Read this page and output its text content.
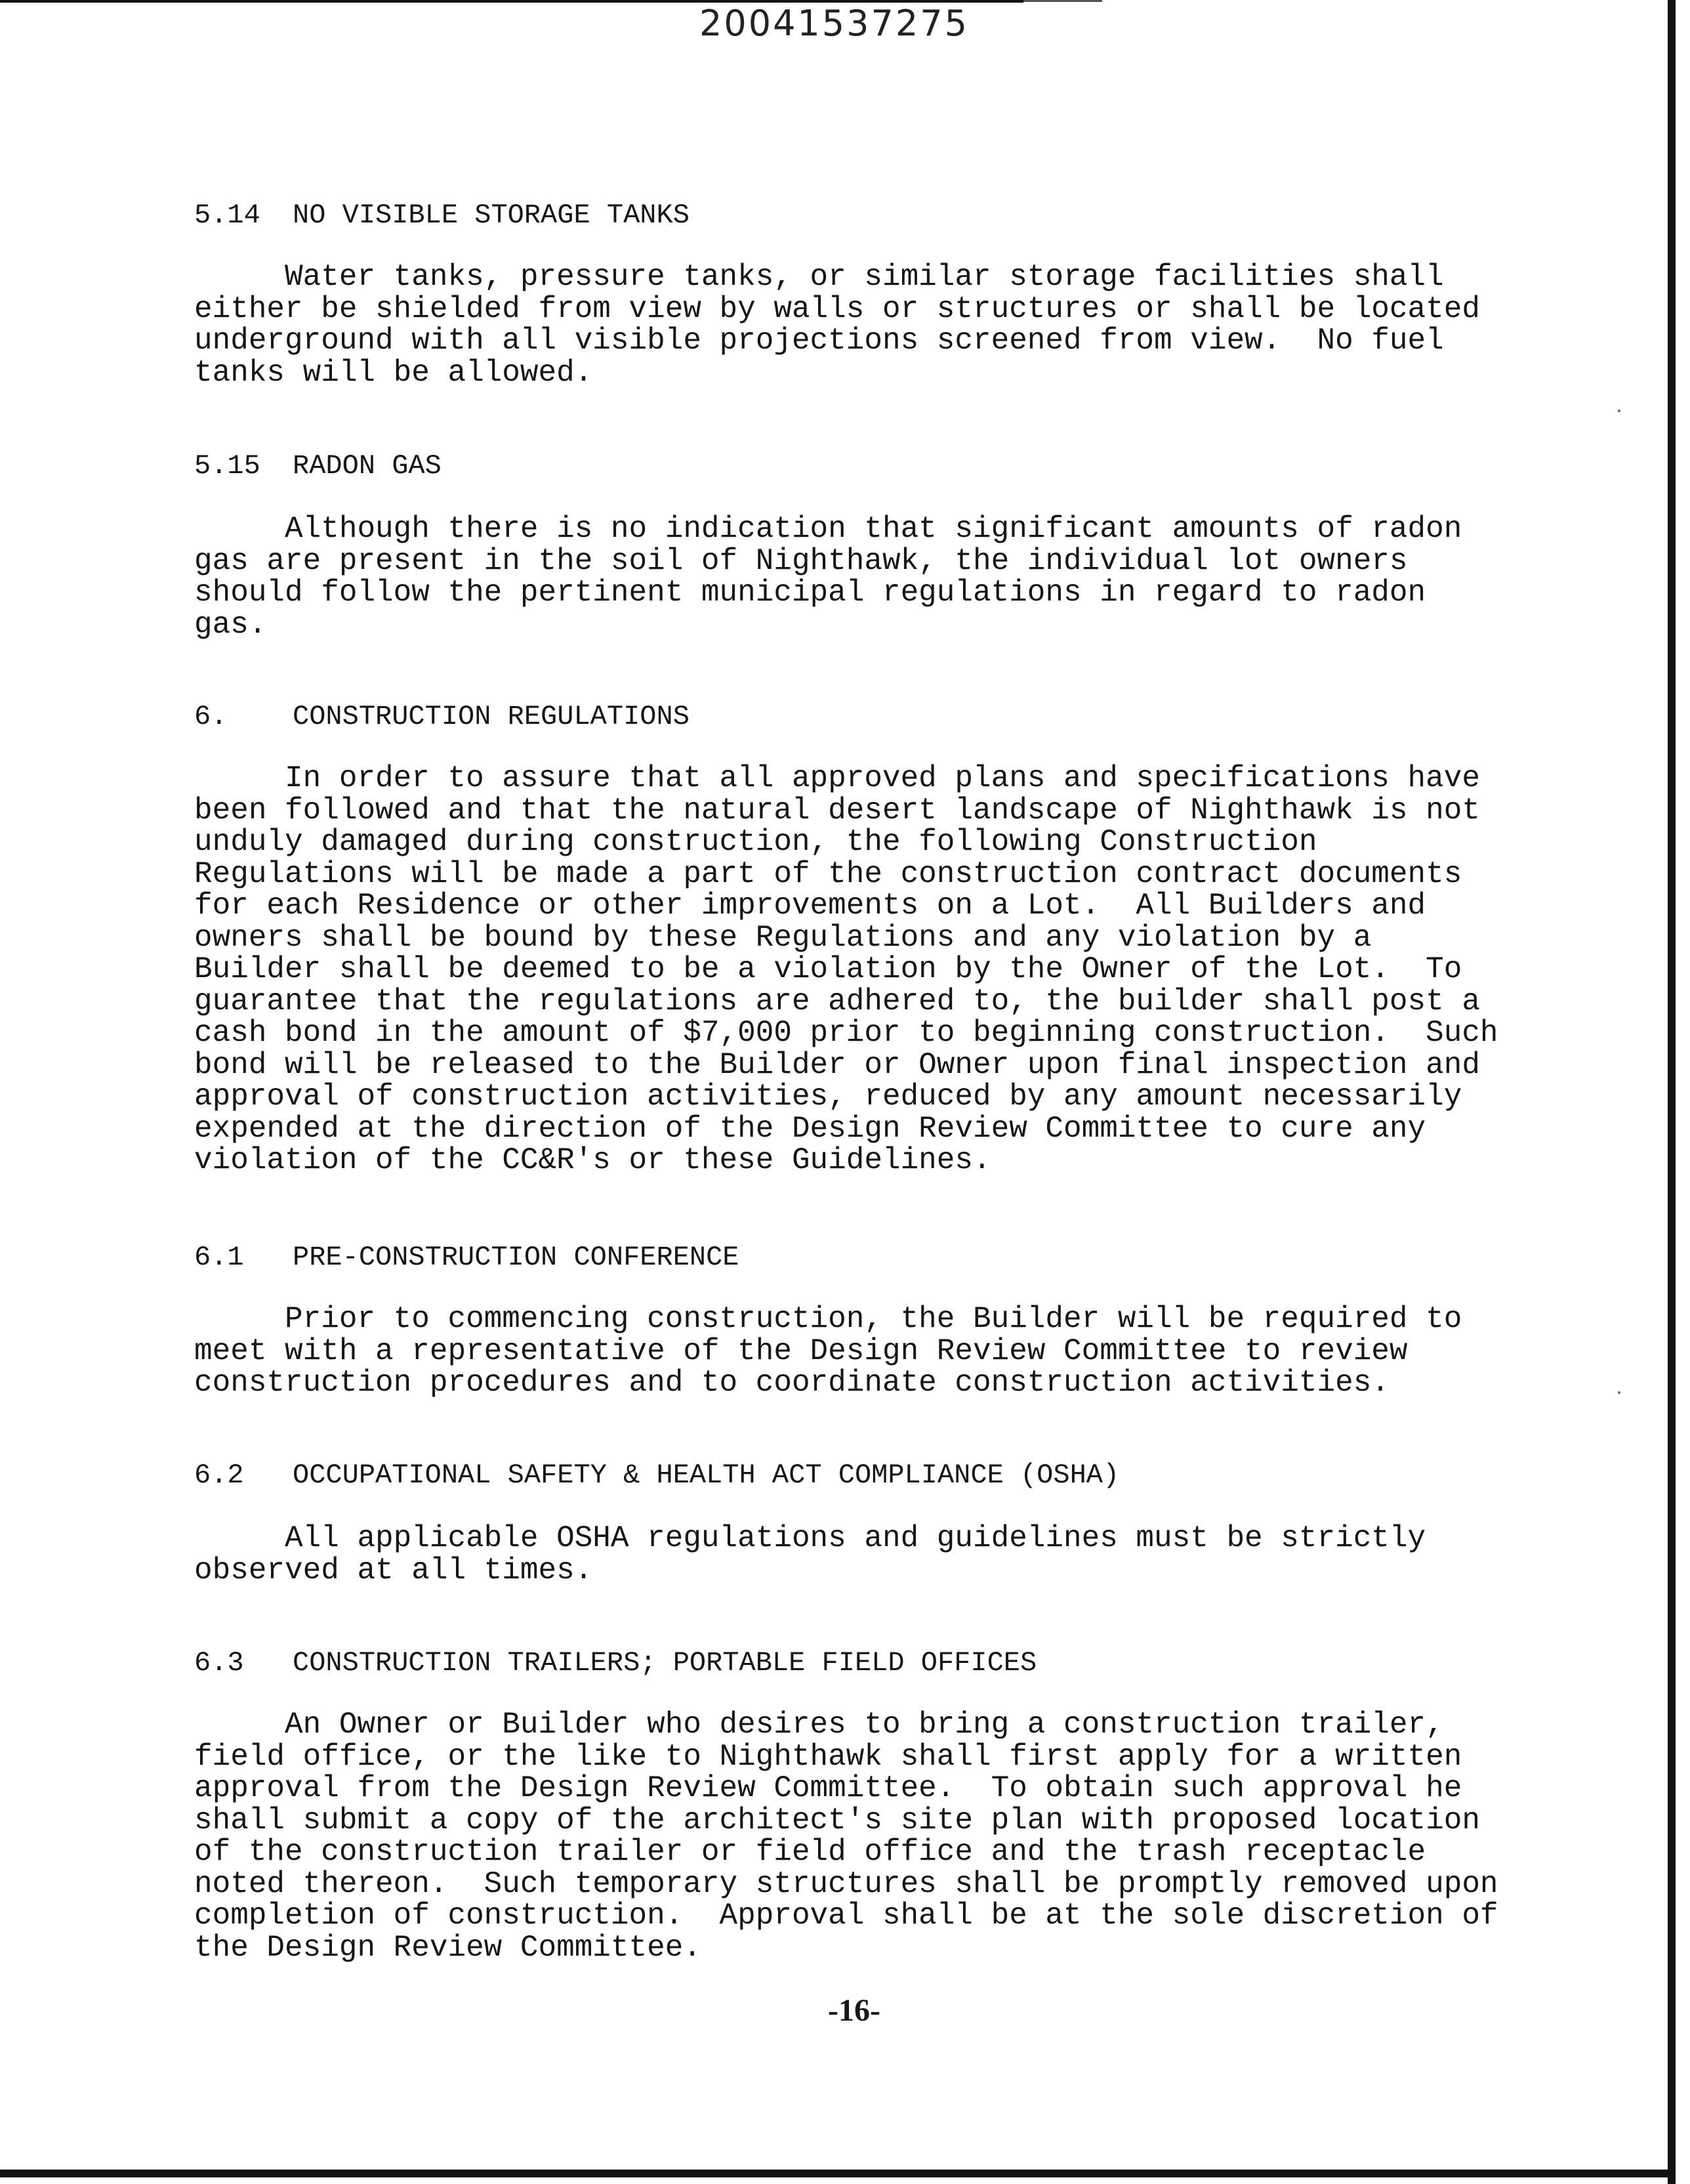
20041537275
5.14 NO VISIBLE STORAGE TANKS
Water tanks, pressure tanks, or similar storage facilities shall
either be shielded from view by walls or structures or shall be located
underground with all visible projections screened from view.  No fuel
tanks will be allowed.
5.15 RADON GAS
Although there is no indication that significant amounts of radon
gas are present in the soil of Nighthawk, the individual lot owners
should follow the pertinent municipal regulations in regard to radon
gas.
6. CONSTRUCTION REGULATIONS
In order to assure that all approved plans and specifications have
been followed and that the natural desert landscape of Nighthawk is not
unduly damaged during construction, the following Construction
Regulations will be made a part of the construction contract documents
for each Residence or other improvements on a Lot.  All Builders and
owners shall be bound by these Regulations and any violation by a
Builder shall be deemed to be a violation by the Owner of the Lot.  To
guarantee that the regulations are adhered to, the builder shall post a
cash bond in the amount of $7,000 prior to beginning construction.  Such
bond will be released to the Builder or Owner upon final inspection and
approval of construction activities, reduced by any amount necessarily
expended at the direction of the Design Review Committee to cure any
violation of the CC&R's or these Guidelines.
6.1 PRE-CONSTRUCTION CONFERENCE
Prior to commencing construction, the Builder will be required to
meet with a representative of the Design Review Committee to review
construction procedures and to coordinate construction activities.
6.2 OCCUPATIONAL SAFETY & HEALTH ACT COMPLIANCE (OSHA)
All applicable OSHA regulations and guidelines must be strictly
observed at all times.
6.3 CONSTRUCTION TRAILERS; PORTABLE FIELD OFFICES
An Owner or Builder who desires to bring a construction trailer,
field office, or the like to Nighthawk shall first apply for a written
approval from the Design Review Committee.  To obtain such approval he
shall submit a copy of the architect's site plan with proposed location
of the construction trailer or field office and the trash receptacle
noted thereon.  Such temporary structures shall be promptly removed upon
completion of construction.  Approval shall be at the sole discretion of
the Design Review Committee.
-16-
